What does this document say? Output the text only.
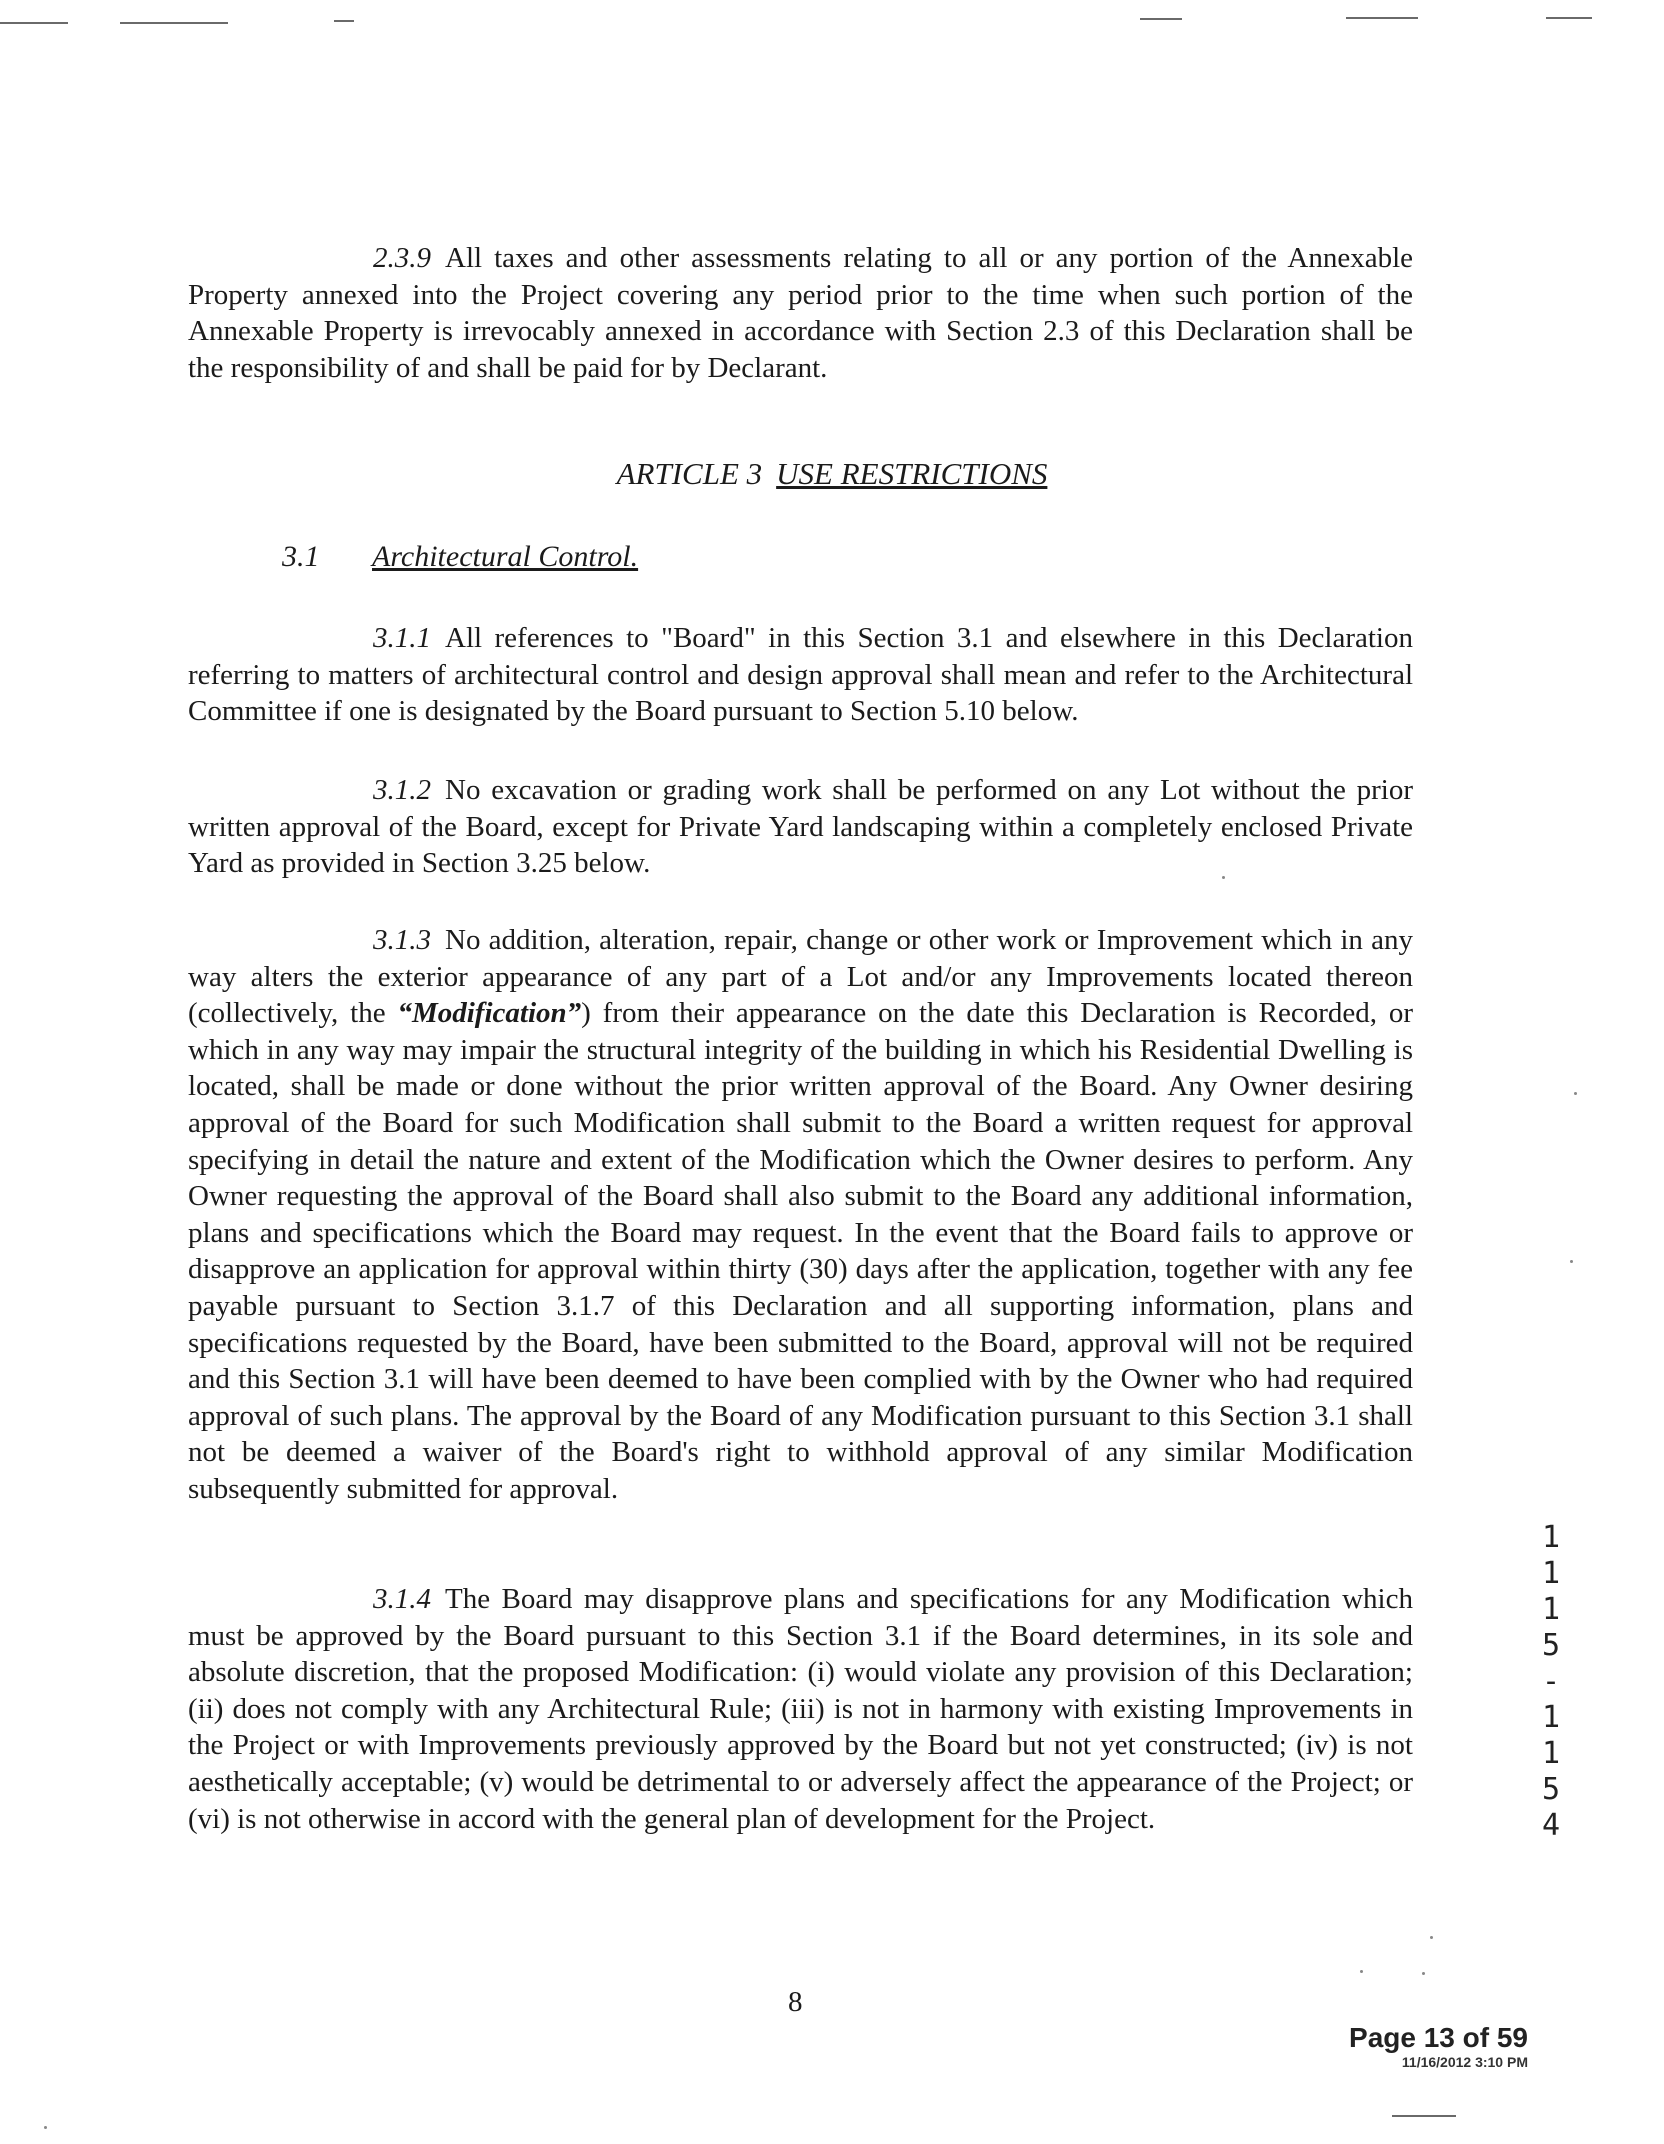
2.3.9 All taxes and other assessments relating to all or any portion of the Annexable Property annexed into the Project covering any period prior to the time when such portion of the Annexable Property is irrevocably annexed in accordance with Section 2.3 of this Declaration shall be the responsibility of and shall be paid for by Declarant.

ARTICLE 3 USE RESTRICTIONS
3.1 Architectural Control.

3.1.1 All references to "Board" in this Section 3.1 and elsewhere in this Declaration referring to matters of architectural control and design approval shall mean and refer to the Architectural Committee if one is designated by the Board pursuant to Section 5.10 below.

3.1.2 No excavation or grading work shall be performed on any Lot without the prior written approval of the Board, except for Private Yard landscaping within a completely enclosed Private Yard as provided in Section 3.25 below.

3.1.3 No addition, alteration, repair, change or other work or Improvement which in any way alters the exterior appearance of any part of a Lot and/or any Improvements located thereon (collectively, the “Modification”) from their appearance on the date this Declaration is Recorded, or which in any way may impair the structural integrity of the building in which his Residential Dwelling is located, shall be made or done without the prior written approval of the Board. Any Owner desiring approval of the Board for such Modification shall submit to the Board a written request for approval specifying in detail the nature and extent of the Modification which the Owner desires to perform. Any Owner requesting the approval of the Board shall also submit to the Board any additional information, plans and specifications which the Board may request. In the event that the Board fails to approve or disapprove an application for approval within thirty (30) days after the application, together with any fee payable pursuant to Section 3.1.7 of this Declaration and all supporting information, plans and specifications requested by the Board, have been submitted to the Board, approval will not be required and this Section 3.1 will have been deemed to have been complied with by the Owner who had required approval of such plans. The approval by the Board of any Modification pursuant to this Section 3.1 shall not be deemed a waiver of the Board's right to withhold approval of any similar Modification subsequently submitted for approval.

3.1.4 The Board may disapprove plans and specifications for any Modification which must be approved by the Board pursuant to this Section 3.1 if the Board determines, in its sole and absolute discretion, that the proposed Modification: (i) would violate any provision of this Declaration; (ii) does not comply with any Architectural Rule; (iii) is not in harmony with existing Improvements in the Project or with Improvements previously approved by the Board but not yet constructed; (iv) is not aesthetically acceptable; (v) would be detrimental to or adversely affect the appearance of the Project; or (vi) is not otherwise in accord with the general plan of development for the Project.

1115-1154
8
Page 13 of 59
11/16/2012 3:10 PM
